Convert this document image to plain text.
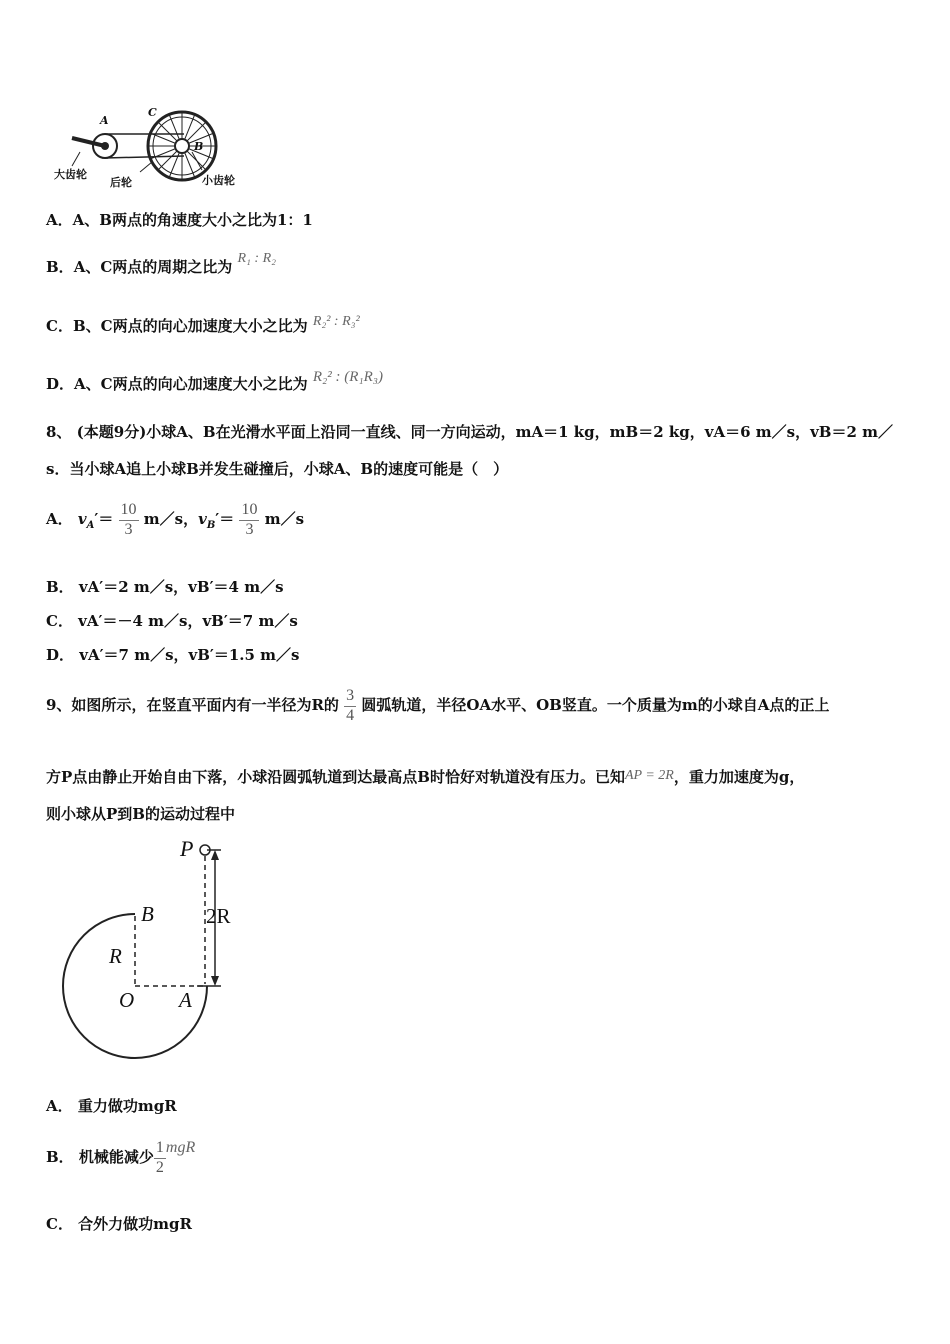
A
C
B
大齿轮
后轮	小齿轮
A．A、B两点的角速度大小之比为1：1
B．A、C两点的周期之比为 R₁ : R₂
C．B、C两点的向心加速度大小之比为 R₂² : R₃²
D．A、C两点的向心加速度大小之比为 R₂² : (R₁R₃)
8、 (本题9分)小球A、B在光滑水平面上沿同一直线、同一方向运动，mA＝1 kg，mB＝2 kg，vA＝6 m／s，vB＝2 m／
s．当小球A追上小球B并发生碰撞后，小球A、B的速度可能是（　）
A． $v_A'= \frac{10}{3}$ m／s，$v_B'= \frac{10}{3}$ m／s
B． vA′＝2 m／s，vB′＝4 m／s
C． vA′＝－4 m／s，vB′＝7 m／s
D． vA′＝7 m／s，vB′＝1.5 m／s
9、如图所示，在竖直平面内有一半径为R的 $\frac{3}{4}$ 圆弧轨道，半径OA水平、OB竖直。一个质量为m的小球自A点的正上
方P点由静止开始自由下落，小球沿圆弧轨道到达最高点B时恰好对轨道没有压力。已知AP = 2R，重力加速度为g，
则小球从P到B的运动过程中
P
B
R
O A
2R
A． 重力做功mgR
B． 机械能减少 $\frac{1}{2}$ mgR
C． 合外力做功mgR
